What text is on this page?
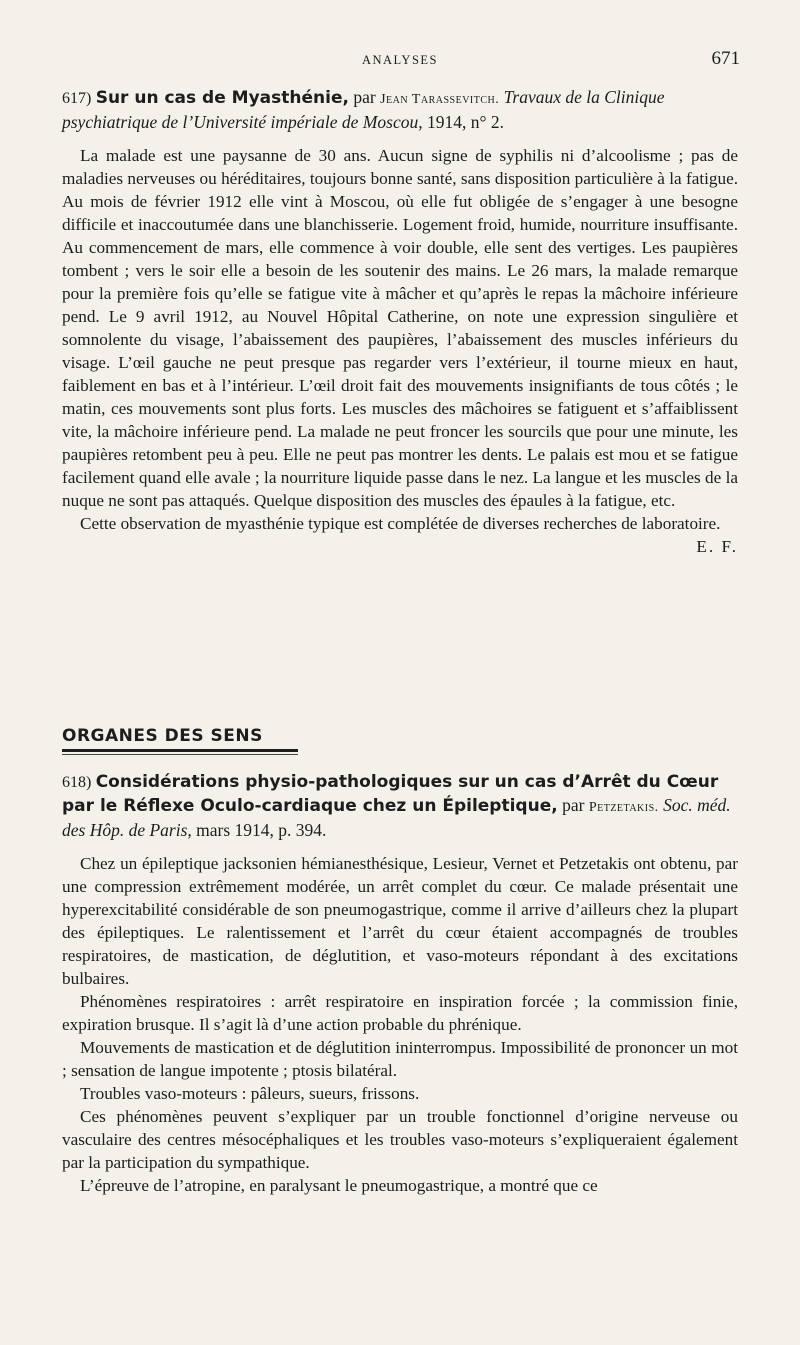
ANALYSES	671
617) Sur un cas de Myasthénie, par Jean Tarassevitch. Travaux de la Clinique psychiatrique de l’Université impériale de Moscou, 1914, n° 2.

La malade est une paysanne de 30 ans. Aucun signe de syphilis ni d’alcoolisme ; pas de maladies nerveuses ou héréditaires, toujours bonne santé, sans disposition particulière à la fatigue. Au mois de février 1912 elle vint à Moscou, où elle fut obligée de s’engager à une besogne difficile et inaccoutumée dans une blanchisserie. Logement froid, humide, nourriture insuffisante. Au commencement de mars, elle commence à voir double, elle sent des vertiges. Les paupières tombent ; vers le soir elle a besoin de les soutenir des mains. Le 26 mars, la malade remarque pour la première fois qu’elle se fatigue vite à mâcher et qu’après le repas la mâchoire inférieure pend. Le 9 avril 1912, au Nouvel Hôpital Catherine, on note une expression singulière et somnolente du visage, l’abaissement des paupières, l’abaissement des muscles inférieurs du visage. L’œil gauche ne peut presque pas regarder vers l’extérieur, il tourne mieux en haut, faiblement en bas et à l’intérieur. L’œil droit fait des mouvements insignifiants de tous côtés ; le matin, ces mouvements sont plus forts. Les muscles des mâchoires se fatiguent et s’affaiblissent vite, la mâchoire inférieure pend. La malade ne peut froncer les sourcils que pour une minute, les paupières retombent peu à peu. Elle ne peut pas montrer les dents. Le palais est mou et se fatigue facilement quand elle avale ; la nourriture liquide passe dans le nez. La langue et les muscles de la nuque ne sont pas attaqués. Quelque disposition des muscles des épaules à la fatigue, etc.

Cette observation de myasthénie typique est complétée de diverses recherches de laboratoire.
E. F.

ORGANES DES SENS
618) Considérations physio-pathologiques sur un cas d’Arrêt du Cœur par le Réflexe Oculo-cardiaque chez un Épileptique, par Petzetakis. Soc. méd. des Hôp. de Paris, mars 1914, p. 394.

Chez un épileptique jacksonien hémianesthésique, Lesieur, Vernet et Petzetakis ont obtenu, par une compression extrêmement modérée, un arrêt complet du cœur. Ce malade présentait une hyperexcitabilité considérable de son pneumogastrique, comme il arrive d’ailleurs chez la plupart des épileptiques. Le ralentissement et l’arrêt du cœur étaient accompagnés de troubles respiratoires, de mastication, de déglutition, et vaso-moteurs répondant à des excitations bulbaires.

Phénomènes respiratoires : arrêt respiratoire en inspiration forcée ; la commission finie, expiration brusque. Il s’agit là d’une action probable du phrénique.

Mouvements de mastication et de déglutition ininterrompus. Impossibilité de prononcer un mot ; sensation de langue impotente ; ptosis bilatéral.

Troubles vaso-moteurs : pâleurs, sueurs, frissons.

Ces phénomènes peuvent s’expliquer par un trouble fonctionnel d’origine nerveuse ou vasculaire des centres mésocéphaliques et les troubles vaso-moteurs s’expliqueraient également par la participation du sympathique.

L’épreuve de l’atropine, en paralysant le pneumogastrique, a montré que ce
